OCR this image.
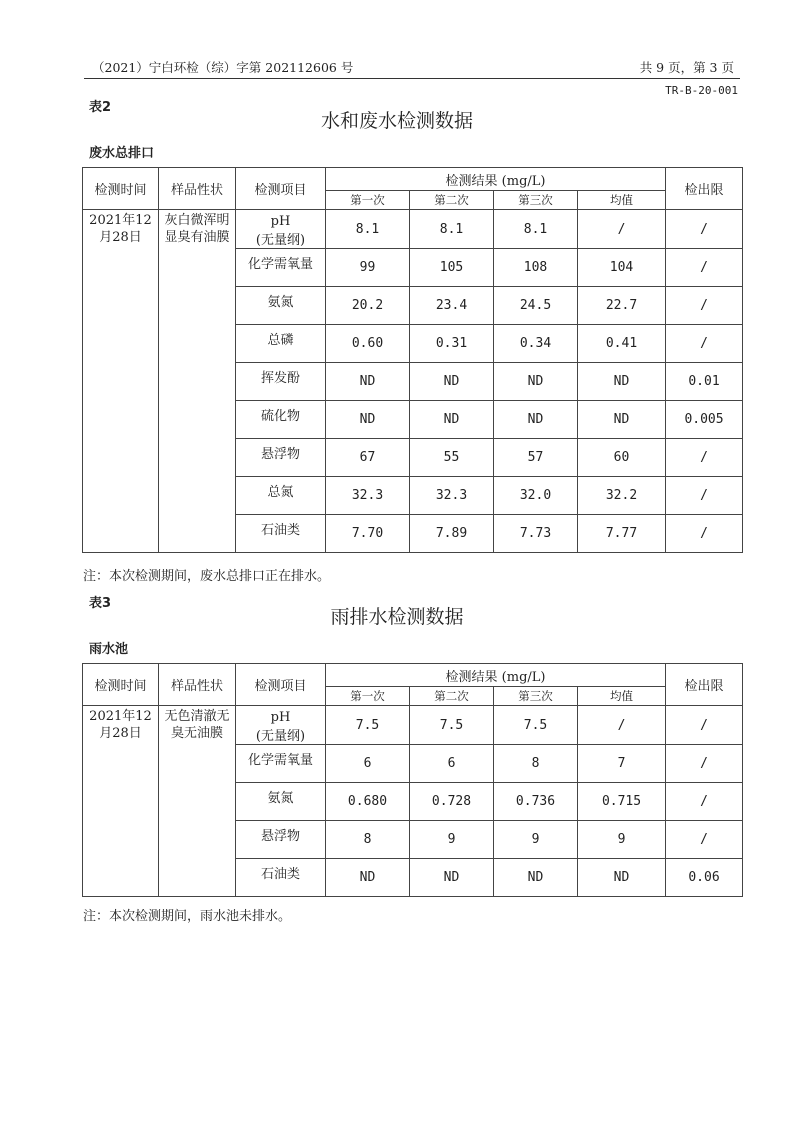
（2021）宁白环检（综）字第 202112606 号	共 9 页，第 3 页
TR-B-20-001
表2
水和废水检测数据
废水总排口
检测时间	样品性状	检测项目	检测结果 (mg/L)				检出限
			第一次	第二次	第三次	均值	
2021年12月28日	灰白微浑明显臭有油膜	pH
(无量纲)	8.1	8.1	8.1	/	/

		化学需氧量	99	105	108	104	/

		氨氮	20.2	23.4	24.5	22.7	/

		总磷	0.60	0.31	0.34	0.41	/

		挥发酚	ND	ND	ND	ND	0.01

		硫化物	ND	ND	ND	ND	0.005

		悬浮物	67	55	57	60	/

		总氮	32.3	32.3	32.0	32.2	/

		石油类	7.70	7.89	7.73	7.77	/
注：本次检测期间，废水总排口正在排水。
表3
雨排水检测数据
雨水池
检测时间	样品性状	检测项目	检测结果 (mg/L)				检出限
			第一次	第二次	第三次	均值	
2021年12月28日	无色清澈无臭无油膜	pH
(无量纲)	7.5	7.5	7.5	/	/

		化学需氧量	6	6	8	7	/

		氨氮	0.680	0.728	0.736	0.715	/

		悬浮物	8	9	9	9	/

		石油类	ND	ND	ND	ND	0.06
注：本次检测期间，雨水池未排水。
